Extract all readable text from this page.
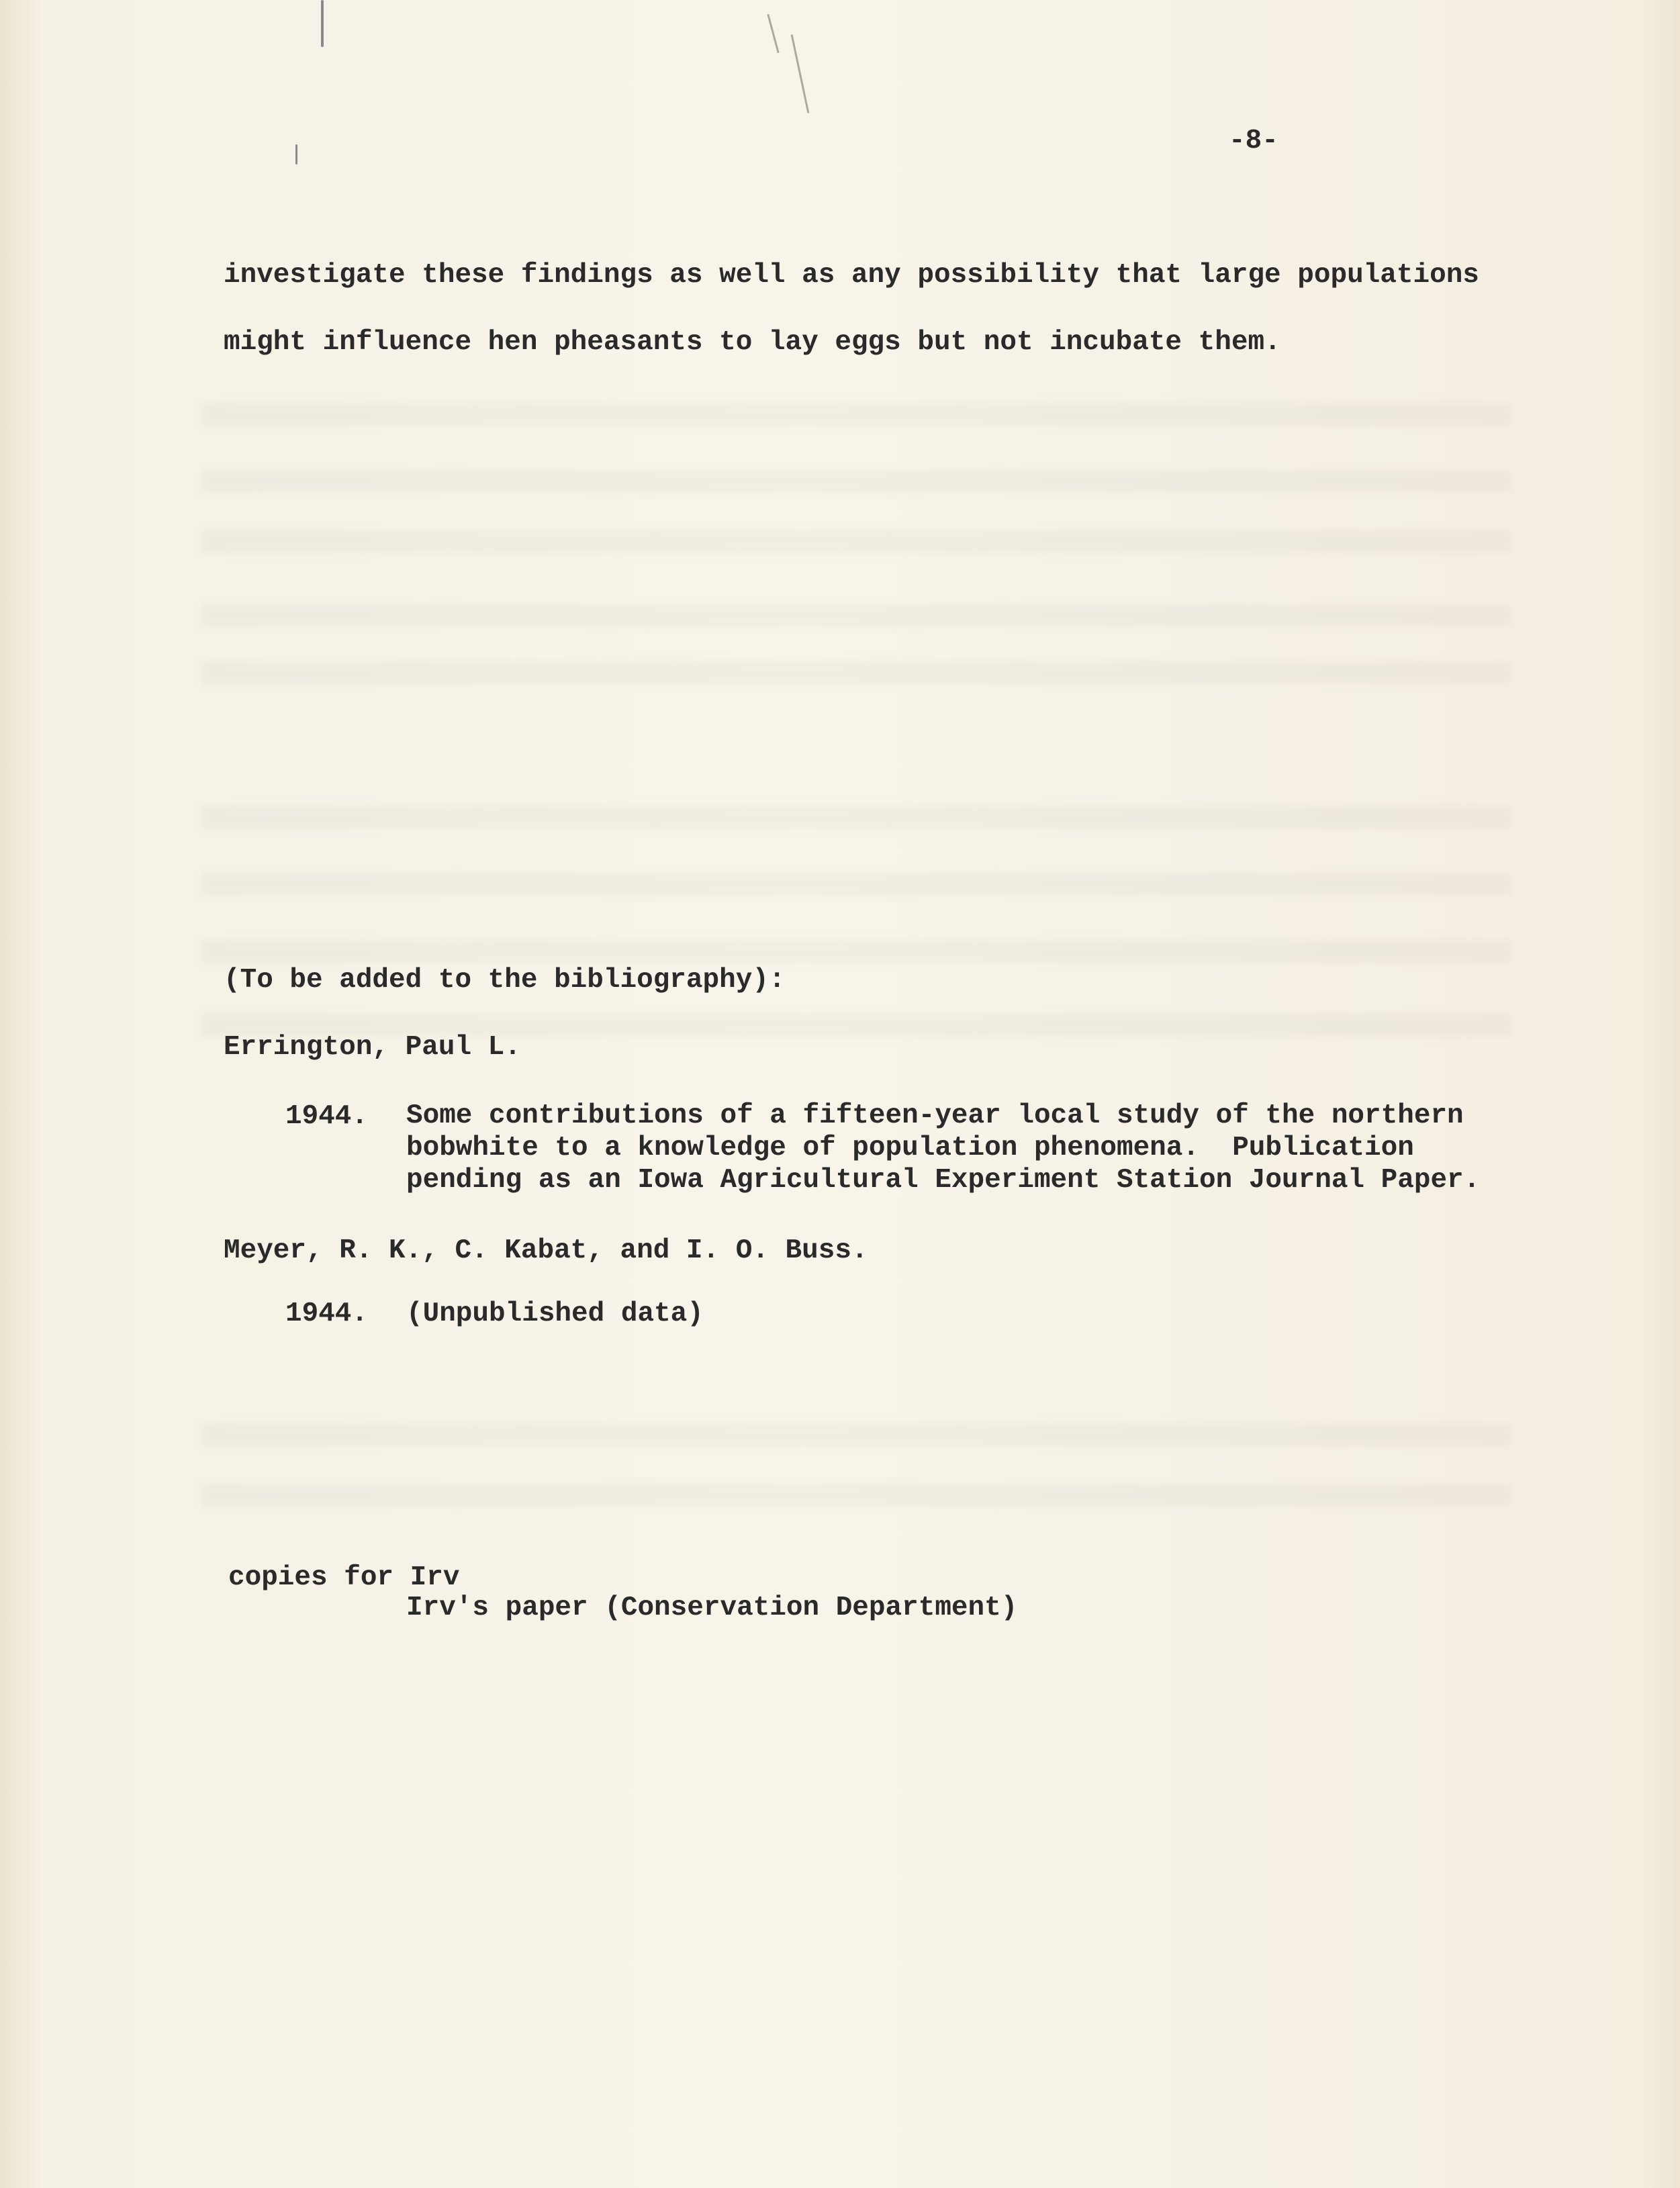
-8-
investigate these findings as well as any possibility that large populations
might influence hen pheasants to lay eggs but not incubate them.
(To be added to the bibliography):
Errington, Paul L.
1944. Some contributions of a fifteen-year local study of the northern
bobwhite to a knowledge of population phenomena.  Publication
pending as an Iowa Agricultural Experiment Station Journal Paper.
Meyer, R. K., C. Kabat, and I. O. Buss.
1944. (Unpublished data)
copies for Irv
Irv's paper (Conservation Department)
